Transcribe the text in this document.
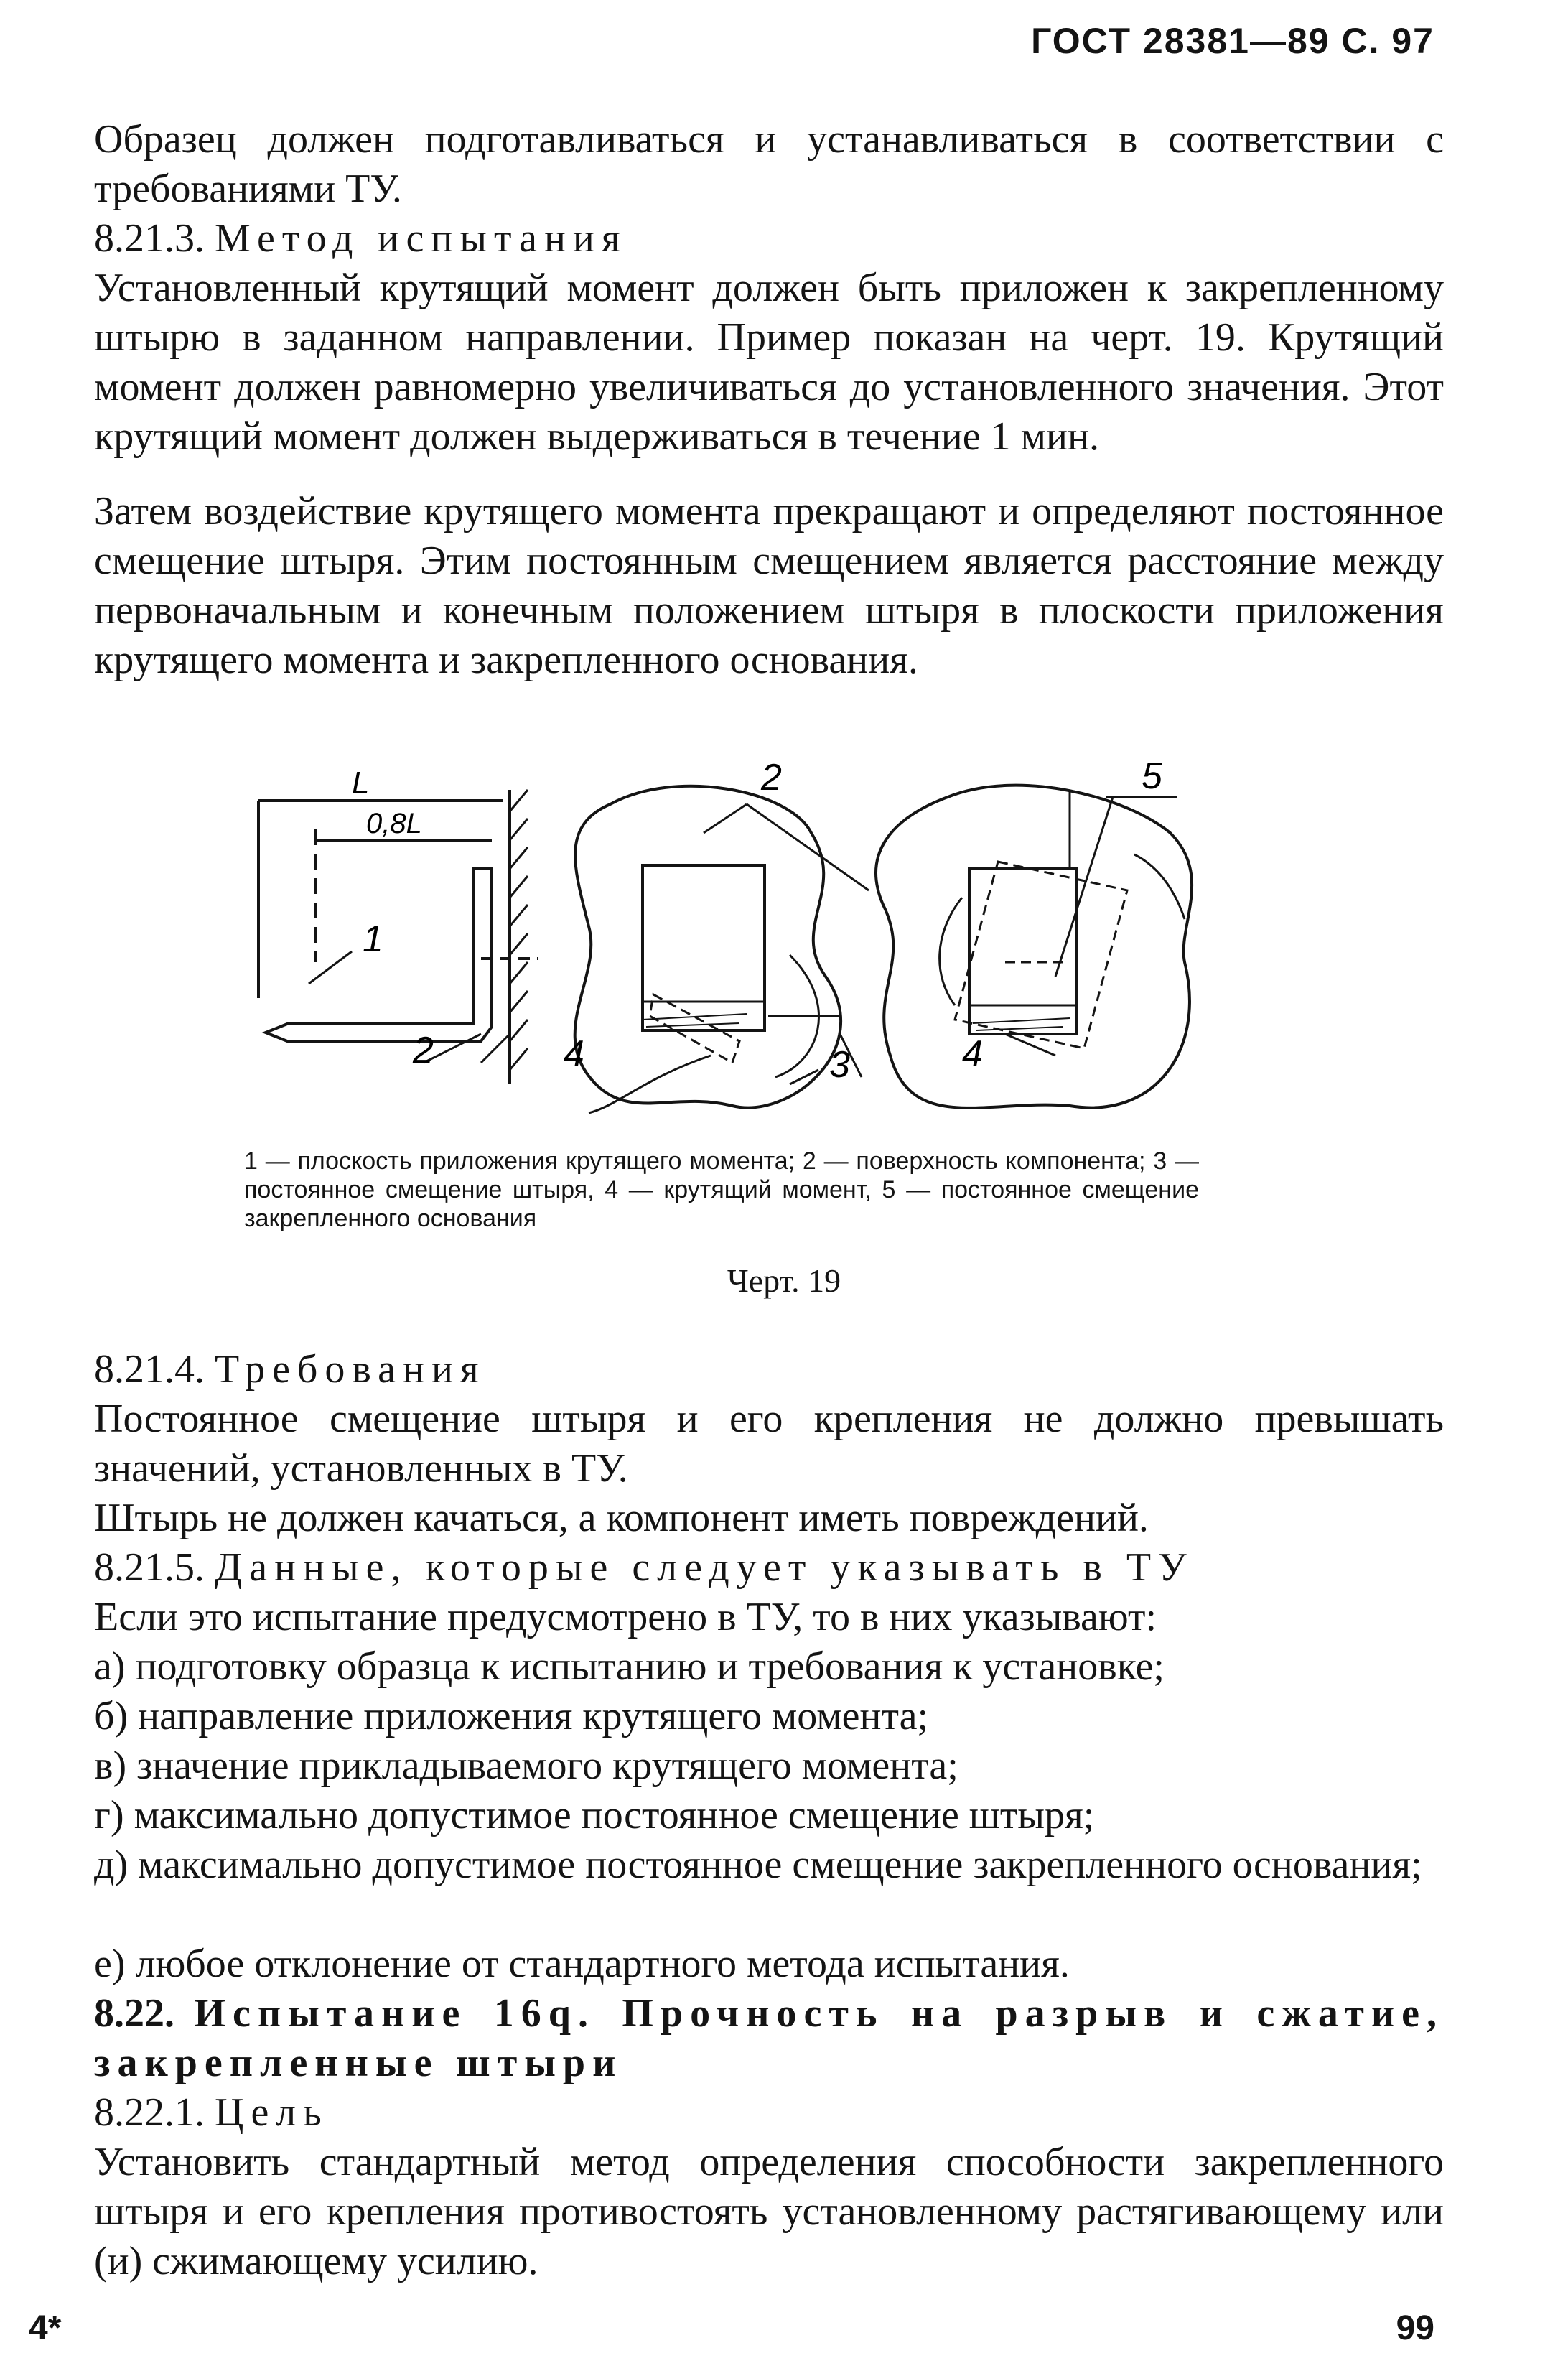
ГОСТ 28381—89 С. 97
Образец должен подготавливаться и устанавливаться в соответствии с требованиями ТУ.
8.21.3. Метод испытания
Установленный крутящий момент должен быть приложен к закрепленному штырю в заданном направлении. Пример показан на черт. 19. Крутящий момент должен равномерно увеличиваться до установленного значения. Этот крутящий момент должен выдерживаться в течение 1 мин.
Затем воздействие крутящего момента прекращают и определяют постоянное смещение штыря. Этим постоянным смещением является расстояние между первоначальным и конечным положением штыря в плоскости приложения крутящего момента и закрепленного основания.
L
0,8L
1
2	4
2
3	4
5
1 — плоскость приложения крутящего момента; 2 — поверхность компонента; 3 — постоянное смещение штыря, 4 — крутящий момент, 5 — постоянное смещение закрепленного основания
Черт. 19
8.21.4. Требования
Постоянное смещение штыря и его крепления не должно превышать значений, установленных в ТУ.
Штырь не должен качаться, а компонент иметь повреждений.
8.21.5. Данные, которые следует указывать в ТУ
Если это испытание предусмотрено в ТУ, то в них указывают:
а) подготовку образца к испытанию и требования к установке;
б) направление приложения крутящего момента;
в) значение прикладываемого крутящего момента;
г) максимально допустимое постоянное смещение штыря;
д) максимально допустимое постоянное смещение закрепленного основания;
е) любое отклонение от стандартного метода испытания.
8.22. Испытание 16q. Прочность на разрыв и сжатие, закрепленные штыри
8.22.1. Цель
Установить стандартный метод определения способности закрепленного штыря и его крепления противостоять установленному растягивающему или (и) сжимающему усилию.
4*	99
